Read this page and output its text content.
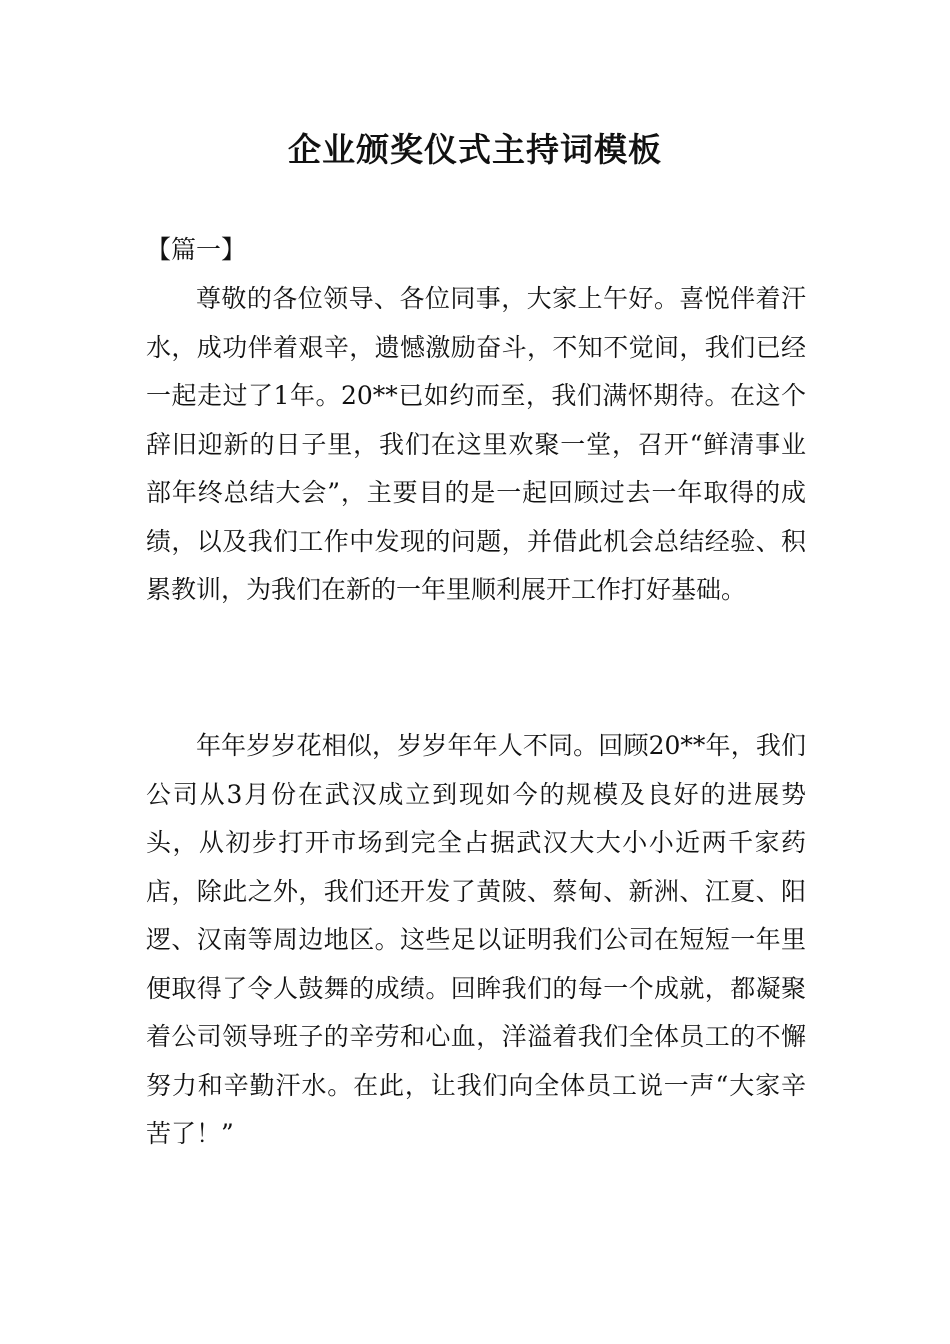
企业颁奖仪式主持词模板

【篇一】

尊敬的各位领导、各位同事，大家上午好。喜悦伴着汗水，成功伴着艰辛，遗憾激励奋斗，不知不觉间，我们已经一起走过了1年。20**已如约而至，我们满怀期待。在这个辞旧迎新的日子里，我们在这里欢聚一堂，召开“鲜清事业部年终总结大会”，主要目的是一起回顾过去一年取得的成绩，以及我们工作中发现的问题，并借此机会总结经验、积累教训，为我们在新的一年里顺利展开工作打好基础。

年年岁岁花相似，岁岁年年人不同。回顾20**年，我们公司从3月份在武汉成立到现如今的规模及良好的进展势头，从初步打开市场到完全占据武汉大大小小近两千家药店，除此之外，我们还开发了黄陂、蔡甸、新洲、江夏、阳逻、汉南等周边地区。这些足以证明我们公司在短短一年里便取得了令人鼓舞的成绩。回眸我们的每一个成就，都凝聚着公司领导班子的辛劳和心血，洋溢着我们全体员工的不懈努力和辛勤汗水。在此，让我们向全体员工说一声“大家辛苦了！”
